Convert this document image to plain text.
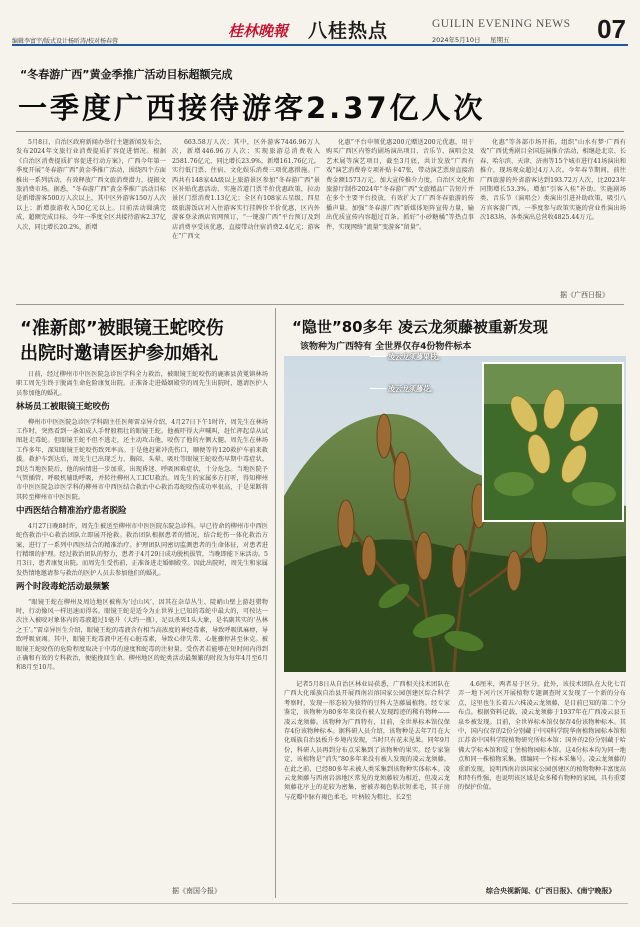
编辑李富宇/版式设计杨昕涛/校对杨春蓉
桂林晚報 八桂热点	GUILIN EVENING NEWS
2024年5月10日 星期五	07
“冬春游广西”黄金季推广活动目标超额完成
一季度广西接待游客2.37亿人次

5月8日，自治区政府新闻办举行主题新闻发布会，发布2024年文旅行业消费提质扩容促进情况。根据《自治区消费提质扩容促进行动方案》，广西今年第一季度开展“冬春游广西”黄金季推广活动，围绕四个方面推出一系列活动，有效释放广西文旅消费潜力，提振文旅消费市场。据悉，“冬春游广西”黄金季推广活动目标是新增游客500万人次以上，其中区外游客150万人次以上；新增旅游收入50亿元以上。目前活动圆满完成，超额完成目标。今年一季度全区共接待游客2.37亿人次，同比增长20.2%，新增

663.58万人次；其中，区外游客7446.96万人次，新增446.96万人次；实现旅游总消费收入2581.76亿元，同比增长23.9%，新增161.76亿元。实行低门票、住宿、文化娱乐消费三项优惠措施。广西共有148家4A级以上旅游景区参加“冬春游广西”景区补贴优惠活动，实施首道门票半价优惠政策，拉动景区门票消费1.13亿元；全区有108家五星级、四星级旅游饭店对入住游客实行挂牌价半价优惠，区内外游客登录酒店官网预订，“一键游广西”平台预订及到店消费享受该优惠，直接带动住宿消费2.4亿元；游客在“广西文

化惠”平台申领优惠200元赠送200元优惠，用于购买广西区内签约剧场演出项目、音乐节、演唱会及艺术展等演艺项目，截至3月底，共计发放“广西有戏”演艺消费券专项补贴卡47张，带动演艺票房直接消费金额1573万元。加大宣传推介力度，自治区文化和旅游厅制作2024年“冬春游广西”文旅精品广告短片并在多个主要平台投放，有效扩大了广西冬春旅游的传播声量。加强“冬春游广西”新媒体矩阵宣传力量，输出优质宣传内容超过百条。抓好“小砂糖橘”等热点事件，实现网络“流量”变游客“留量”。

化惠”等各部市场开拓。组织“山水有梦·广西有戏”广西优秀剧目全国巡演推介活动，相继赴北京、长春、哈尔滨、天津、济南等15个城市进行41场演出和推介，现场观众超过4万人次。今年春节期间，前往广西旅游的外省游客达到193.72万人次，比2023年同期增长53.3%。增加“引客入桂”补助。实施剧场类、音乐节（演唱会）类演出引进补助政策，吸引八方宾客游广西，一季度参与政策实施的营业性演出场次183场，各类演出总营收4825.44万元。

据《广西日报》
“准新郎”被眼镜王蛇咬伤
出院时邀请医护参加婚礼

日前，经过柳州市中医医院急诊医学科全力救治，被眼镜王蛇咬伤的鹿寨县黄冕镇林场职工周先生终于脱离生命危险康复出院。正准备走进婚姻殿堂的周先生出院时，邀请医护人员参加他的婚礼。

林场员工被眼镜王蛇咬伤

柳州市中医医院急诊医学科副主任医师雷卓异介绍，4月27日下午1时许，周先生在林场工作时，突然看到一条如成人手臂般粗壮的眼镜王蛇。他被吓得大声喊叫，赶忙挥起草从试图赶走毒蛇。但眼镜王蛇不但不逃走，还主动攻击他，咬伤了他的左侧大腿。周先生在林场工作多年，深知眼镜王蛇咬伤致死率高。于是他赶紧冲洗伤口，顺便等待120救护车前来救援。救护车到达后，周先生已出现乏力、胸闷、头晕、吸吐等眼镜王蛇咬伤早期中毒症状。到达当地医院后，他的病情进一步加重，出现昏迷、呼吸困难症状，十分危急。当地医院予气管插管、呼吸机辅助呼吸，并转往柳州人工ICU救治。周先生的家属多方打听，得知柳州市中医医院急诊医学科的柳州市中西医结合救治中心救治毒蛇咬伤成功率很高，于是果断将其转至柳州市中医医院。

中西医结合精准治疗患者脱险

4月27日晚8时许，周先生被送至柳州市中医医院东院急诊科。早已待命的柳州市中西医蛇伤救治中心救治团队立即展开抢救。救治团队根据患者的情况，结合蛇伤一体化救治方案，进行了一系列中西医结合的精准治疗。护理团队同密切监测患者的生命体征，对患者进行精细的护理。经过救治团队的努力，患者于4月29日成功脱机拔管，当晚即能下床活动。5月3日，患者康复出院。而周先生受伤前，正准备进走婚姻殿堂。因此出院时，周先生和家属发热情地邀请参与救治的医护人员去参加他们的婚礼。

两个时段毒蛇活动最频繁

“眼镜王蛇在柳州及周边地区被称为‘过山风’，因其在杂草丛生、陡峭山壁上游赶猎物时，行动像风一样迅速而得名。眼镜王蛇是适今为止世界上已知的毒蛇中最大的，可按达一次注入被咬对象体内的毒液超过1毫升（大约一瓶），足以杀死1头大象，是名副其实的‘丛林之王’。”雷卓异医生介绍，眼镜王蛇的毒液含有相当高浓度的神经毒素，导致呼吸肌麻痹，导致呼吸衰竭。其中，眼镜王蛇毒液中还有心脏毒素，导致心律失常、心脏骤停甚至休克。被眼镜王蛇咬伤的危险程度取决于中毒的速度和蛇毒的注射量。受伤者若能够在短时间内得到正确和有效的专科救治，便能挽回生命。柳州地区的蛇类活动最频繁的时段为每年4月至6月和8月至10月。

据《南国今报》
“隐世”80多年 凌云龙须藤被重新发现
该物种为广西特有 全世界仅存4份物件标本
凌云龙须藤果枝。
凌云龙须藤花。

记者5月8日从自治区林业局获悉，广西相关技术团队在广西大化瑶族自治县开展西南岩溶国家公园创建区综合科学考察时，发现一形态较为独特的豆科大茎藤属植物。经专家鉴定，该物种为80多年来没有被人发现踪迹的稀有物种——凌云龙须藤。该物种为广西特有，目前，全世界标本馆仅保存4份该物种标本。据科研人员介绍，该物种是去年7月在大化瑶族自治县板升乡境内发现，当时只有花未见果。同年9月份，科研人员再到分布点采集到了该物种的果实。经专家鉴定，该植物是“消失”80多年来没有被人发现的凌云龙须藤。在此之前，已经80多年未被人类采集到该物种实体标本。凌云龙须藤与西南岩溶地区常见的龙须藤较为相近，但凌云龙须藤花序上的花较为密集，密被赤褐色粘状短柔毛，其子房与花瓣中脉有褐色柔毛，叶柄较为粗壮，长2至

4.6厘米，两者易于区分。此外，该技术团队在大化七百弄一地下河片区开展植物专题调查时又发现了一个新的分布点，这里也生长着五六株凌云龙须藤，是目前已知的第二个分布点。根据资料记载，凌云龙须藤于1937年在广西凌云县玉泉乡被发现。目前，全世界标本馆仅保存4份该物种标本。其中，国内仅存的2份分别藏于中国科学院华南植物园标本馆和江苏省中国科学院植物研究所标本馆；国外的2份分别藏于哈佛大学标本馆和爱丁堡植物园标本馆。这4份标本均为同一地点和同一株植物采集。那编同一个标本采集号。凌云龙须藤的重新发现，说明西南岩溶国家公园创建区的植物物种丰富度高和特有性强，也说明该区域是众多稀有物种的家园，具有重要的保护价值。

综合央视新闻、《广西日报》、《南宁晚报》
